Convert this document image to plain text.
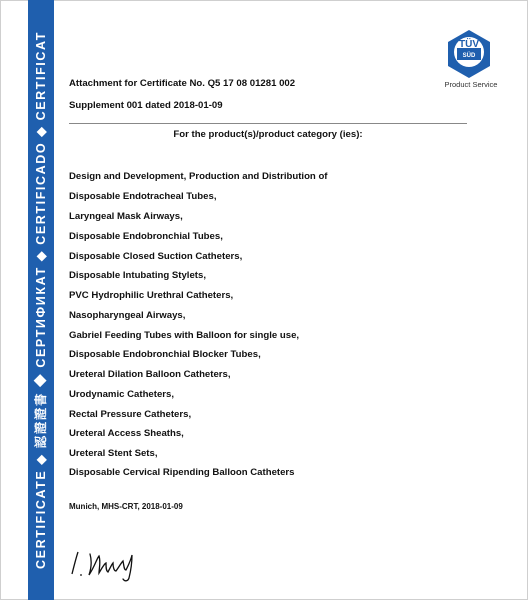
CERTIFICATE ◆ 認證證書 ◆ СЕРТИФИКАТ ◆ CERTIFICADO ◆ CERTIFICAT	TÜV
SÜD
Product Service
Attachment for Certificate No. Q5 17 08 01281 002
Supplement 001 dated 2018-01-09
For the product(s)/product category (ies):
Design and Development, Production and Distribution of
Disposable Endotracheal Tubes,
Laryngeal Mask Airways,
Disposable Endobronchial Tubes,
Disposable Closed Suction Catheters,
Disposable Intubating Stylets,
PVC Hydrophilic Urethral Catheters,
Nasopharyngeal Airways,
Gabriel Feeding Tubes with Balloon for single use,
Disposable Endobronchial Blocker Tubes,
Ureteral Dilation Balloon Catheters,
Urodynamic Catheters,
Rectal Pressure Catheters,
Ureteral Access Sheaths,
Ureteral Stent Sets,
Disposable Cervical Ripending Balloon Catheters
Munich, MHS-CRT, 2018-01-09
